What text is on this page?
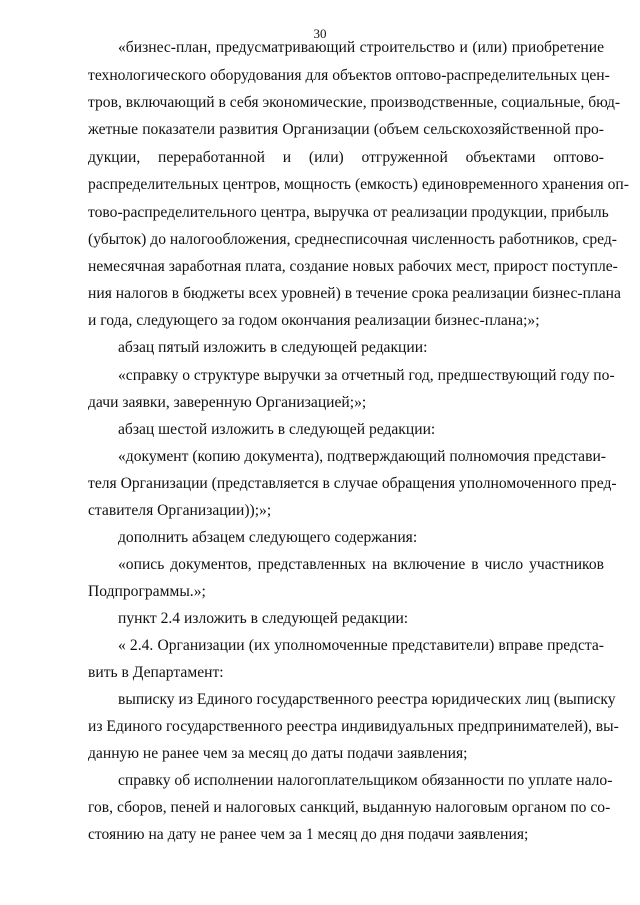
30
«бизнес-план, предусматривающий строительство и (или) приобретение
технологического оборудования для объектов оптово-распределительных цен-
тров, включающий в себя экономические, производственные, социальные, бюд-
жетные показатели развития Организации (объем сельскохозяйственной про-
дукции, переработанной и (или) отгруженной объектами оптово-
распределительных центров, мощность (емкость) единовременного хранения оп-
тово-распределительного центра, выручка от реализации продукции, прибыль
(убыток) до налогообложения, среднесписочная численность работников, сред-
немесячная заработная плата, создание новых рабочих мест, прирост поступле-
ния налогов в бюджеты всех уровней) в течение срока реализации бизнес-плана
и года, следующего за годом окончания реализации бизнес-плана;»;
абзац пятый изложить в следующей редакции:
«справку о структуре выручки за отчетный год, предшествующий году по-
дачи заявки, заверенную Организацией;»;
абзац шестой изложить в следующей редакции:
«документ (копию документа), подтверждающий полномочия представи-
теля Организации (представляется в случае обращения уполномоченного пред-
ставителя Организации));»;
дополнить абзацем следующего содержания:
«опись документов, представленных на включение в число участников
Подпрограммы.»;
пункт 2.4 изложить в следующей редакции:
« 2.4. Организации (их уполномоченные представители) вправе предста-
вить в Департамент:
выписку из Единого государственного реестра юридических лиц (выписку
из Единого государственного реестра индивидуальных предпринимателей), вы-
данную не ранее чем за месяц до даты подачи заявления;
справку об исполнении налогоплательщиком обязанности по уплате нало-
гов, сборов, пеней и налоговых санкций, выданную налоговым органом по со-
стоянию на дату не ранее чем за 1 месяц до дня подачи заявления;
